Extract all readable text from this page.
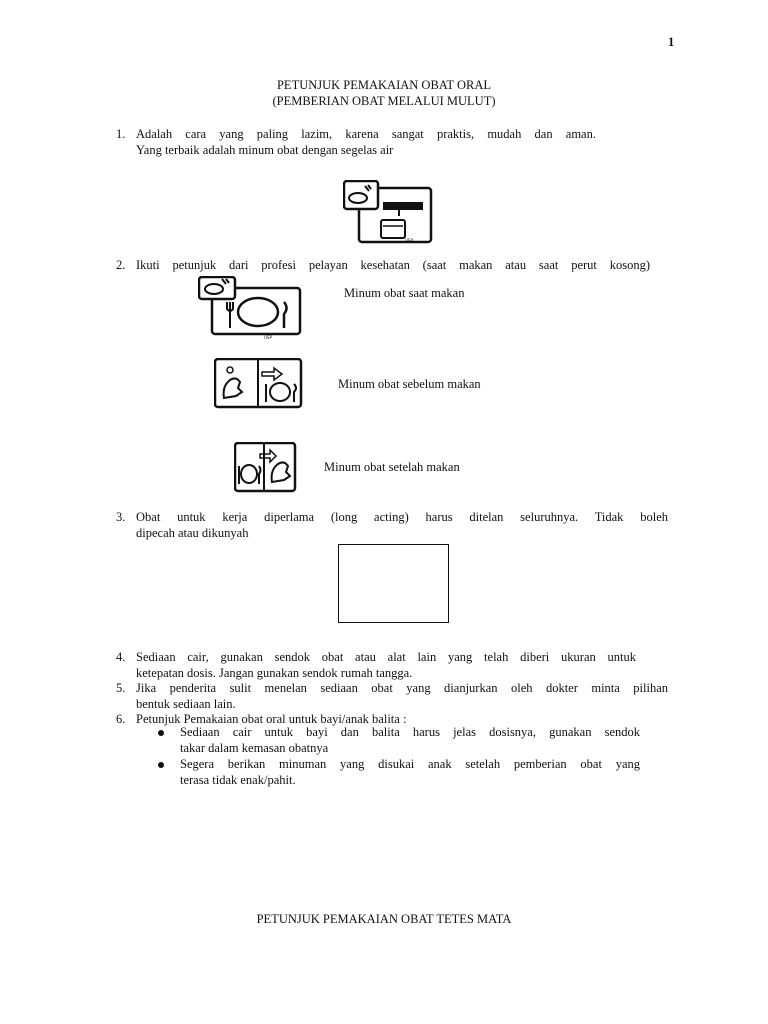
1
PETUNJUK PEMAKAIAN OBAT ORAL
(PEMBERIAN OBAT MELALUI MULUT)
1. Adalah cara yang paling lazim, karena sangat praktis, mudah dan aman.
Yang terbaik adalah minum obat dengan segelas air
USP
2. Ikuti petunjuk dari profesi pelayan kesehatan (saat makan atau saat perut kosong)
USP
Minum obat saat makan
Minum obat sebelum makan
Minum obat setelah makan
3. Obat untuk kerja diperlama (long acting) harus ditelan seluruhnya. Tidak boleh
dipecah atau dikunyah
4. Sediaan cair, gunakan sendok obat atau alat lain yang telah diberi ukuran untuk
ketepatan dosis. Jangan gunakan sendok rumah tangga.
5. Jika penderita sulit menelan sediaan obat yang dianjurkan oleh dokter minta pilihan
bentuk sediaan lain.
6. Petunjuk Pemakaian obat oral untuk bayi/anak balita :
Sediaan cair untuk bayi dan balita harus jelas dosisnya, gunakan sendok
takar dalam kemasan obatnya
Segera berikan minuman yang disukai anak setelah pemberian obat yang
terasa tidak enak/pahit.
PETUNJUK PEMAKAIAN OBAT TETES MATA
